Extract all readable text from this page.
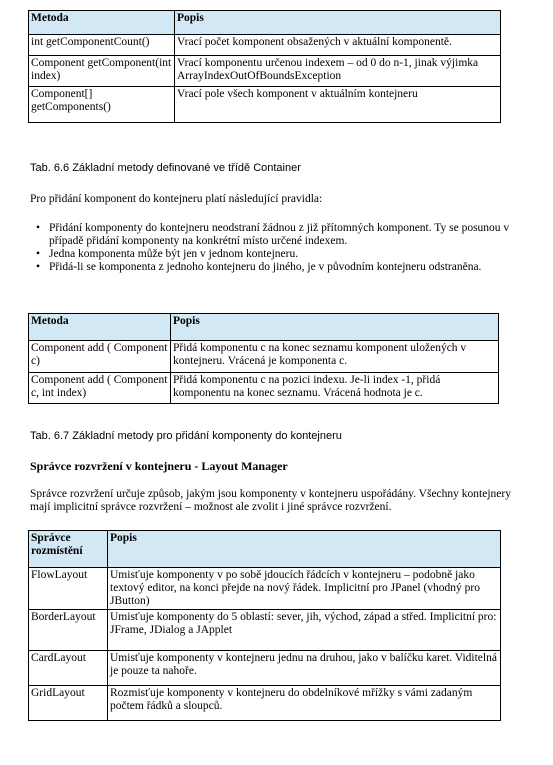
Metoda	Popis
int getComponentCount()	Vrací počet komponent obsažených v aktuální komponentě.
Component getComponent(int index)	Vrací komponentu určenou indexem – od 0 do n-1, jinak výjimka ArrayIndexOutOfBoundsException
Component[] getComponents()	Vrací pole všech komponent v aktuálním kontejneru
Tab. 6.6 Základní metody definované ve třídě Container
Pro přidání komponent do kontejneru platí následující pravidla:
• Přidání komponenty do kontejneru neodstraní žádnou z již přítomných komponent. Ty se posunou v případě přidání komponenty na konkrétní místo určené indexem.
• Jedna komponenta může být jen v jednom kontejneru.
• Přidá-li se komponenta z jednoho kontejneru do jiného, je v původním kontejneru odstraněna.
Metoda	Popis
Component add ( Component c)	Přidá komponentu c na konec seznamu komponent uložených v kontejneru. Vrácená je komponenta c.
Component add ( Component c, int index)	Přidá komponentu c na pozici indexu. Je-li index -1, přidá komponentu na konec seznamu. Vrácená hodnota je c.
Tab. 6.7 Základní metody pro přidání komponenty do kontejneru
Správce rozvržení v kontejneru - Layout Manager
Správce rozvržení určuje způsob, jakým jsou komponenty v kontejneru uspořádány. Všechny kontejnery mají implicitní správce rozvržení – možnost ale zvolit i jiné správce rozvržení.
Správce rozmístění	Popis
FlowLayout	Umisťuje komponenty v po sobě jdoucích řádcích v kontejneru – podobně jako textový editor, na konci přejde na nový řádek. Implicitní pro JPanel (vhodný pro JButton)
BorderLayout	Umisťuje komponenty do 5 oblastí: sever, jih, východ, západ a střed. Implicitní pro: JFrame, JDialog a JApplet
CardLayout	Umisťuje komponenty v kontejneru jednu na druhou, jako v balíčku karet. Viditelná je pouze ta nahoře.
GridLayout	Rozmisťuje komponenty v kontejneru do obdelníkové mřížky s vámi zadaným počtem řádků a sloupců.
